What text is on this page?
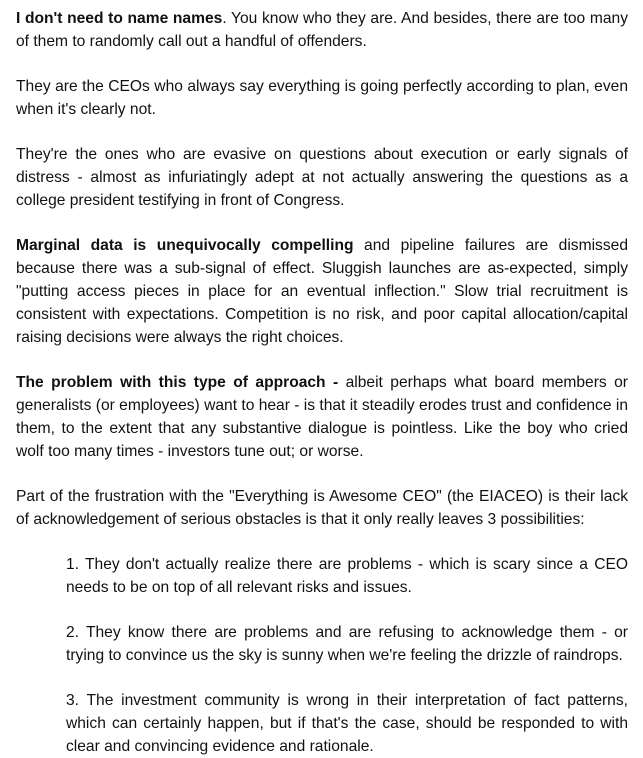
I don't need to name names. You know who they are. And besides, there are too many of them to randomly call out a handful of offenders.

They are the CEOs who always say everything is going perfectly according to plan, even when it's clearly not.

They're the ones who are evasive on questions about execution or early signals of distress - almost as infuriatingly adept at not actually answering the questions as a college president testifying in front of Congress.

Marginal data is unequivocally compelling and pipeline failures are dismissed because there was a sub-signal of effect. Sluggish launches are as-expected, simply "putting access pieces in place for an eventual inflection." Slow trial recruitment is consistent with expectations. Competition is no risk, and poor capital allocation/capital raising decisions were always the right choices.

The problem with this type of approach - albeit perhaps what board members or generalists (or employees) want to hear - is that it steadily erodes trust and confidence in them, to the extent that any substantive dialogue is pointless. Like the boy who cried wolf too many times - investors tune out; or worse.

Part of the frustration with the "Everything is Awesome CEO" (the EIACEO) is their lack of acknowledgement of serious obstacles is that it only really leaves 3 possibilities:

1. They don't actually realize there are problems - which is scary since a CEO needs to be on top of all relevant risks and issues.
2. They know there are problems and are refusing to acknowledge them - or trying to convince us the sky is sunny when we're feeling the drizzle of raindrops.
3. The investment community is wrong in their interpretation of fact patterns, which can certainly happen, but if that's the case, should be responded to with clear and convincing evidence and rationale.
